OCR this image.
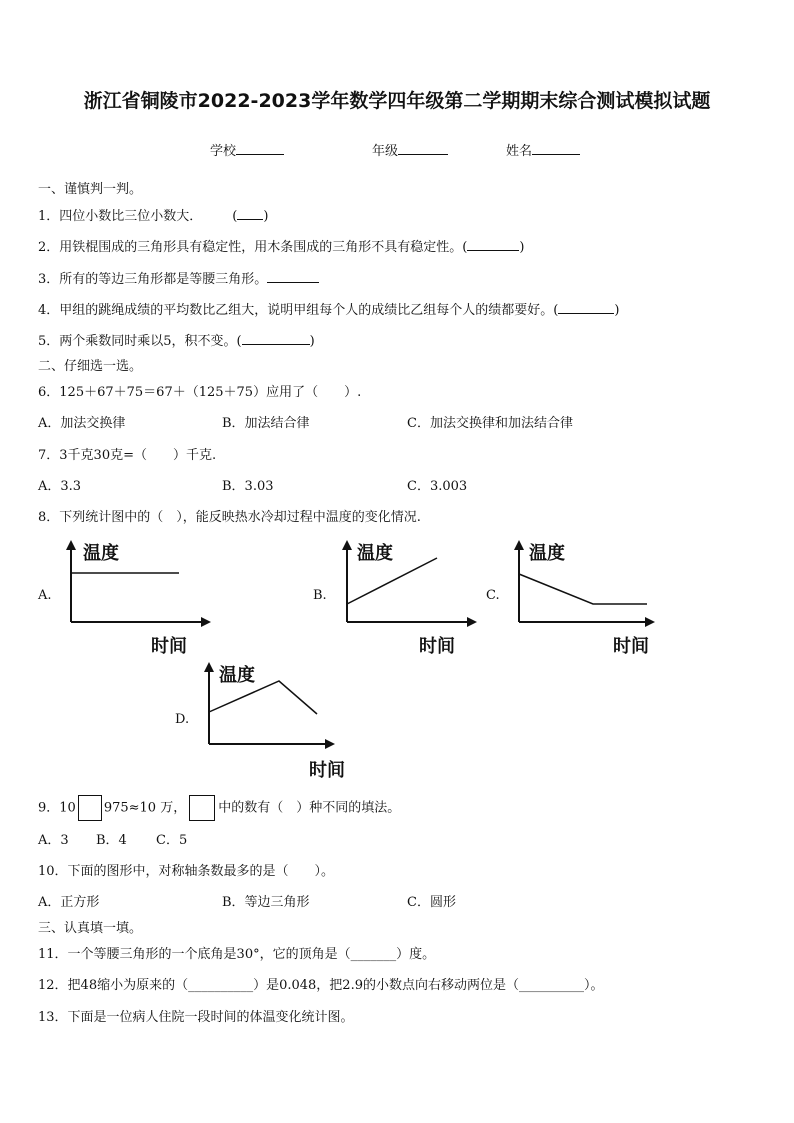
浙江省铜陵市2022-2023学年数学四年级第二学期期末综合测试模拟试题
学校	年级	姓名
一、谨慎判一判。
1．四位小数比三位小数大． ( )
2．用铁棍围成的三角形具有稳定性，用木条围成的三角形不具有稳定性。(	)
3．所有的等边三角形都是等腰三角形。
4．甲组的跳绳成绩的平均数比乙组大，说明甲组每个人的成绩比乙组每个人的绩都要好。(	)
5．两个乘数同时乘以5，积不变。(	)
二、仔细选一选。
6．125＋67＋75＝67＋（125＋75）应用了（　　）.
A．加法交换律	B．加法结合律	C．加法交换律和加法结合律
7．3千克30克=（　　）千克.
A．3.3	B．3.03	C．3.003
8．下列统计图中的（　），能反映热水冷却过程中温度的变化情况.
A.
温度
时间
B.
温度
时间
C.
温度
时间
D.
温度
时间
9．10 975≈10 万， 中的数有（　）种不同的填法。
A．3 B．4 C．5
10．下面的图形中，对称轴条数最多的是（　　）。
A．正方形	B．等边三角形	C．圆形
三、认真填一填。
11．一个等腰三角形的一个底角是30°，它的顶角是（_______）度。
12．把48缩小为原来的（__________）是0.048，把2.9的小数点向右移动两位是（__________）。
13．下面是一位病人住院一段时间的体温变化统计图。
